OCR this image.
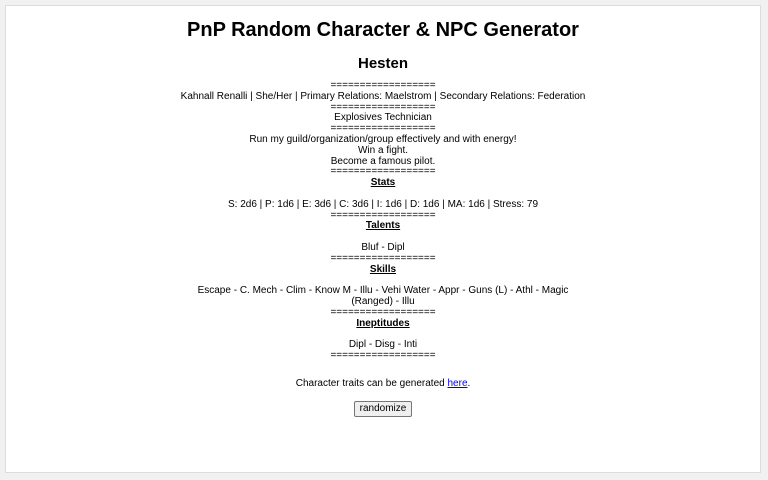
PnP Random Character & NPC Generator
Hesten
==================
Kahnall Renalli | She/Her | Primary Relations: Maelstrom | Secondary Relations: Federation
==================
Explosives Technician
==================
Run my guild/organization/group effectively and with energy!
Win a fight.
Become a famous pilot.
==================
Stats
S: 2d6 | P: 1d6 | E: 3d6 | C: 3d6 | I: 1d6 | D: 1d6 | MA: 1d6 | Stress: 79
==================
Talents
Bluf - Dipl
==================
Skills
Escape - C. Mech - Clim - Know M - Illu - Vehi Water - Appr - Guns (L) - Athl - Magic (Ranged) - Illu
==================
Ineptitudes
Dipl - Disg - Inti
==================
Character traits can be generated here.
randomize
